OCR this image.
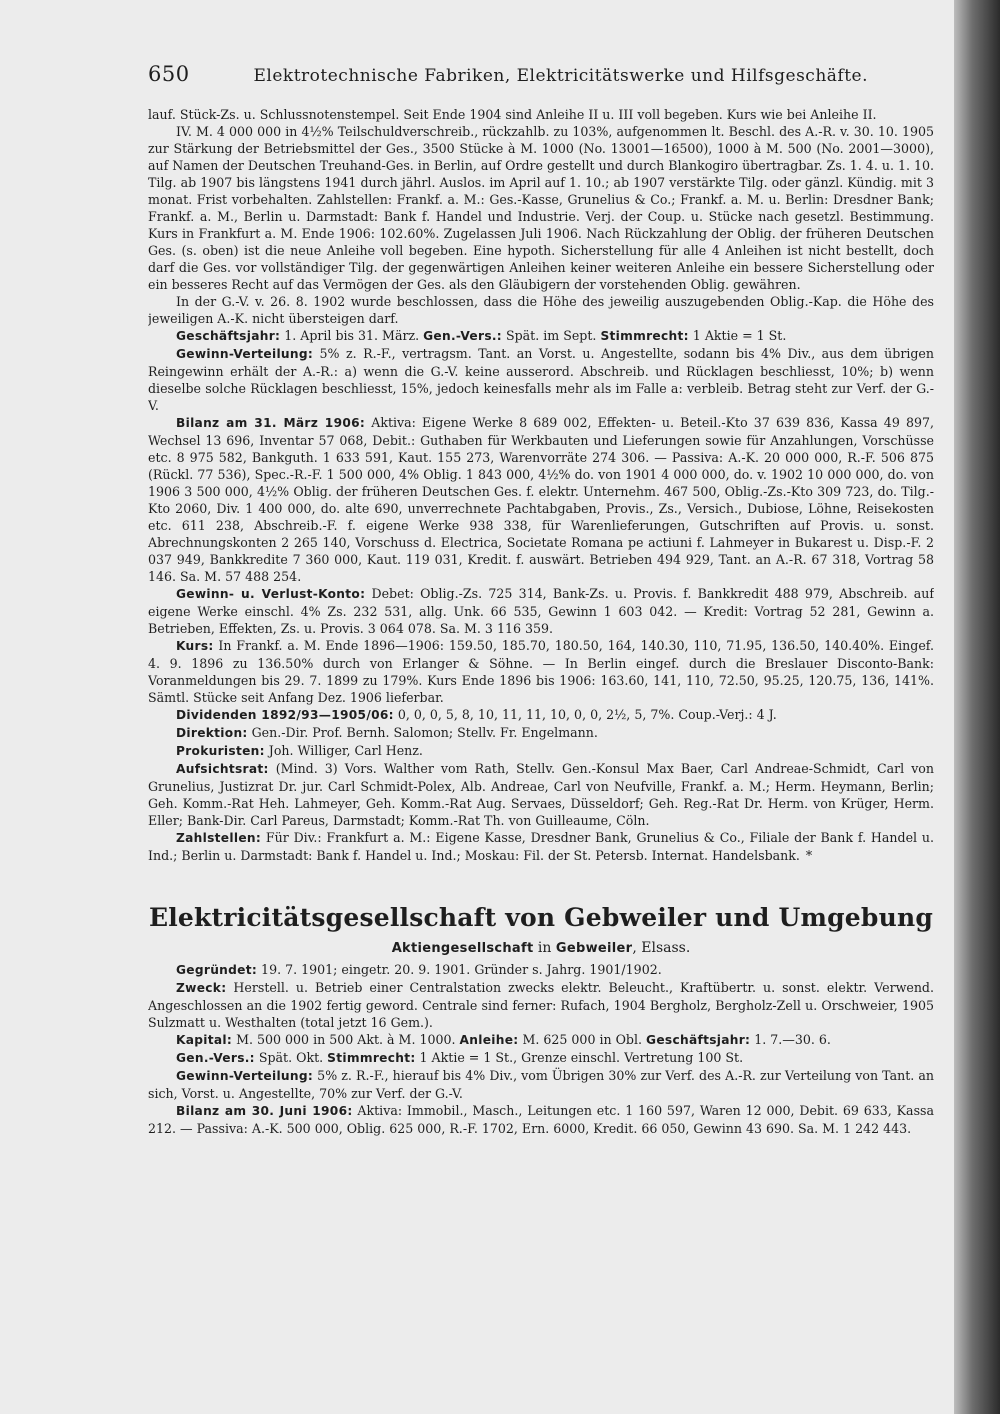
650	Elektrotechnische Fabriken, Elektricitätswerke und Hilfsgeschäfte.

lauf. Stück-Zs. u. Schlussnotenstempel. Seit Ende 1904 sind Anleihe II u. III voll begeben. Kurs wie bei Anleihe II.

IV. M. 4 000 000 in 4½% Teilschuldverschreib., rückzahlb. zu 103%, aufgenommen lt. Beschl. des A.-R. v. 30. 10. 1905 zur Stärkung der Betriebsmittel der Ges., 3500 Stücke à M. 1000 (No. 13001—16500), 1000 à M. 500 (No. 2001—3000), auf Namen der Deutschen Treuhand-Ges. in Berlin, auf Ordre gestellt und durch Blankogiro übertragbar. Zs. 1. 4. u. 1. 10. Tilg. ab 1907 bis längstens 1941 durch jährl. Auslos. im April auf 1. 10.; ab 1907 verstärkte Tilg. oder gänzl. Kündig. mit 3 monat. Frist vorbehalten. Zahlstellen: Frankf. a. M.: Ges.-Kasse, Grunelius & Co.; Frankf. a. M. u. Berlin: Dresdner Bank; Frankf. a. M., Berlin u. Darmstadt: Bank f. Handel und Industrie. Verj. der Coup. u. Stücke nach gesetzl. Bestimmung. Kurs in Frankfurt a. M. Ende 1906: 102.60%. Zugelassen Juli 1906. Nach Rückzahlung der Oblig. der früheren Deutschen Ges. (s. oben) ist die neue Anleihe voll begeben. Eine hypoth. Sicherstellung für alle 4 Anleihen ist nicht bestellt, doch darf die Ges. vor vollständiger Tilg. der gegenwärtigen Anleihen keiner weiteren Anleihe ein bessere Sicherstellung oder ein besseres Recht auf das Vermögen der Ges. als den Gläubigern der vorstehenden Oblig. gewähren.

In der G.-V. v. 26. 8. 1902 wurde beschlossen, dass die Höhe des jeweilig auszugebenden Oblig.-Kap. die Höhe des jeweiligen A.-K. nicht übersteigen darf.

Geschäftsjahr: 1. April bis 31. März. Gen.-Vers.: Spät. im Sept. Stimmrecht: 1 Aktie = 1 St.

Gewinn-Verteilung: 5% z. R.-F., vertragsm. Tant. an Vorst. u. Angestellte, sodann bis 4% Div., aus dem übrigen Reingewinn erhält der A.-R.: a) wenn die G.-V. keine ausserord. Abschreib. und Rücklagen beschliesst, 10%; b) wenn dieselbe solche Rücklagen beschliesst, 15%, jedoch keinesfalls mehr als im Falle a: verbleib. Betrag steht zur Verf. der G.-V.

Bilanz am 31. März 1906: Aktiva: Eigene Werke 8 689 002, Effekten- u. Beteil.-Kto 37 639 836, Kassa 49 897, Wechsel 13 696, Inventar 57 068, Debit.: Guthaben für Werkbauten und Lieferungen sowie für Anzahlungen, Vorschüsse etc. 8 975 582, Bankguth. 1 633 591, Kaut. 155 273, Warenvorräte 274 306. — Passiva: A.-K. 20 000 000, R.-F. 506 875 (Rückl. 77 536), Spec.-R.-F. 1 500 000, 4% Oblig. 1 843 000, 4½% do. von 1901 4 000 000, do. v. 1902 10 000 000, do. von 1906 3 500 000, 4½% Oblig. der früheren Deutschen Ges. f. elektr. Unternehm. 467 500, Oblig.-Zs.-Kto 309 723, do. Tilg.-Kto 2060, Div. 1 400 000, do. alte 690, unverrechnete Pachtabgaben, Provis., Zs., Versich., Dubiose, Löhne, Reisekosten etc. 611 238, Abschreib.-F. f. eigene Werke 938 338, für Warenlieferungen, Gutschriften auf Provis. u. sonst. Abrechnungskonten 2 265 140, Vorschuss d. Electrica, Societate Romana pe actiuni f. Lahmeyer in Bukarest u. Disp.-F. 2 037 949, Bankkredite 7 360 000, Kaut. 119 031, Kredit. f. auswärt. Betrieben 494 929, Tant. an A.-R. 67 318, Vortrag 58 146. Sa. M. 57 488 254.

Gewinn- u. Verlust-Konto: Debet: Oblig.-Zs. 725 314, Bank-Zs. u. Provis. f. Bankkredit 488 979, Abschreib. auf eigene Werke einschl. 4% Zs. 232 531, allg. Unk. 66 535, Gewinn 1 603 042. — Kredit: Vortrag 52 281, Gewinn a. Betrieben, Effekten, Zs. u. Provis. 3 064 078. Sa. M. 3 116 359.

Kurs: In Frankf. a. M. Ende 1896—1906: 159.50, 185.70, 180.50, 164, 140.30, 110, 71.95, 136.50, 140.40%. Eingef. 4. 9. 1896 zu 136.50% durch von Erlanger & Söhne. — In Berlin eingef. durch die Breslauer Disconto-Bank: Voranmeldungen bis 29. 7. 1899 zu 179%. Kurs Ende 1896 bis 1906: 163.60, 141, 110, 72.50, 95.25, 120.75, 136, 141%. Sämtl. Stücke seit Anfang Dez. 1906 lieferbar.

Dividenden 1892/93—1905/06: 0, 0, 0, 5, 8, 10, 11, 11, 10, 0, 0, 2½, 5, 7%. Coup.-Verj.: 4 J.

Direktion: Gen.-Dir. Prof. Bernh. Salomon; Stellv. Fr. Engelmann.

Prokuristen: Joh. Williger, Carl Henz.

Aufsichtsrat: (Mind. 3) Vors. Walther vom Rath, Stellv. Gen.-Konsul Max Baer, Carl Andreae-Schmidt, Carl von Grunelius, Justizrat Dr. jur. Carl Schmidt-Polex, Alb. Andreae, Carl von Neufville, Frankf. a. M.; Herm. Heymann, Berlin; Geh. Komm.-Rat Heh. Lahmeyer, Geh. Komm.-Rat Aug. Servaes, Düsseldorf; Geh. Reg.-Rat Dr. Herm. von Krüger, Herm. Eller; Bank-Dir. Carl Pareus, Darmstadt; Komm.-Rat Th. von Guilleaume, Cöln.

Zahlstellen: Für Div.: Frankfurt a. M.: Eigene Kasse, Dresdner Bank, Grunelius & Co., Filiale der Bank f. Handel u. Ind.; Berlin u. Darmstadt: Bank f. Handel u. Ind.; Moskau: Fil. der St. Petersb. Internat. Handelsbank. *

Elektricitätsgesellschaft von Gebweiler und Umgebung
Aktiengesellschaft in Gebweiler, Elsass.

Gegründet: 19. 7. 1901; eingetr. 20. 9. 1901. Gründer s. Jahrg. 1901/1902.

Zweck: Herstell. u. Betrieb einer Centralstation zwecks elektr. Beleucht., Kraftübertr. u. sonst. elektr. Verwend. Angeschlossen an die 1902 fertig geword. Centrale sind ferner: Rufach, 1904 Bergholz, Bergholz-Zell u. Orschweier, 1905 Sulzmatt u. Westhalten (total jetzt 16 Gem.).

Kapital: M. 500 000 in 500 Akt. à M. 1000. Anleihe: M. 625 000 in Obl. Geschäftsjahr: 1. 7.—30. 6.

Gen.-Vers.: Spät. Okt. Stimmrecht: 1 Aktie = 1 St., Grenze einschl. Vertretung 100 St.

Gewinn-Verteilung: 5% z. R.-F., hierauf bis 4% Div., vom Übrigen 30% zur Verf. des A.-R. zur Verteilung von Tant. an sich, Vorst. u. Angestellte, 70% zur Verf. der G.-V.

Bilanz am 30. Juni 1906: Aktiva: Immobil., Masch., Leitungen etc. 1 160 597, Waren 12 000, Debit. 69 633, Kassa 212. — Passiva: A.-K. 500 000, Oblig. 625 000, R.-F. 1702, Ern. 6000, Kredit. 66 050, Gewinn 43 690. Sa. M. 1 242 443.
